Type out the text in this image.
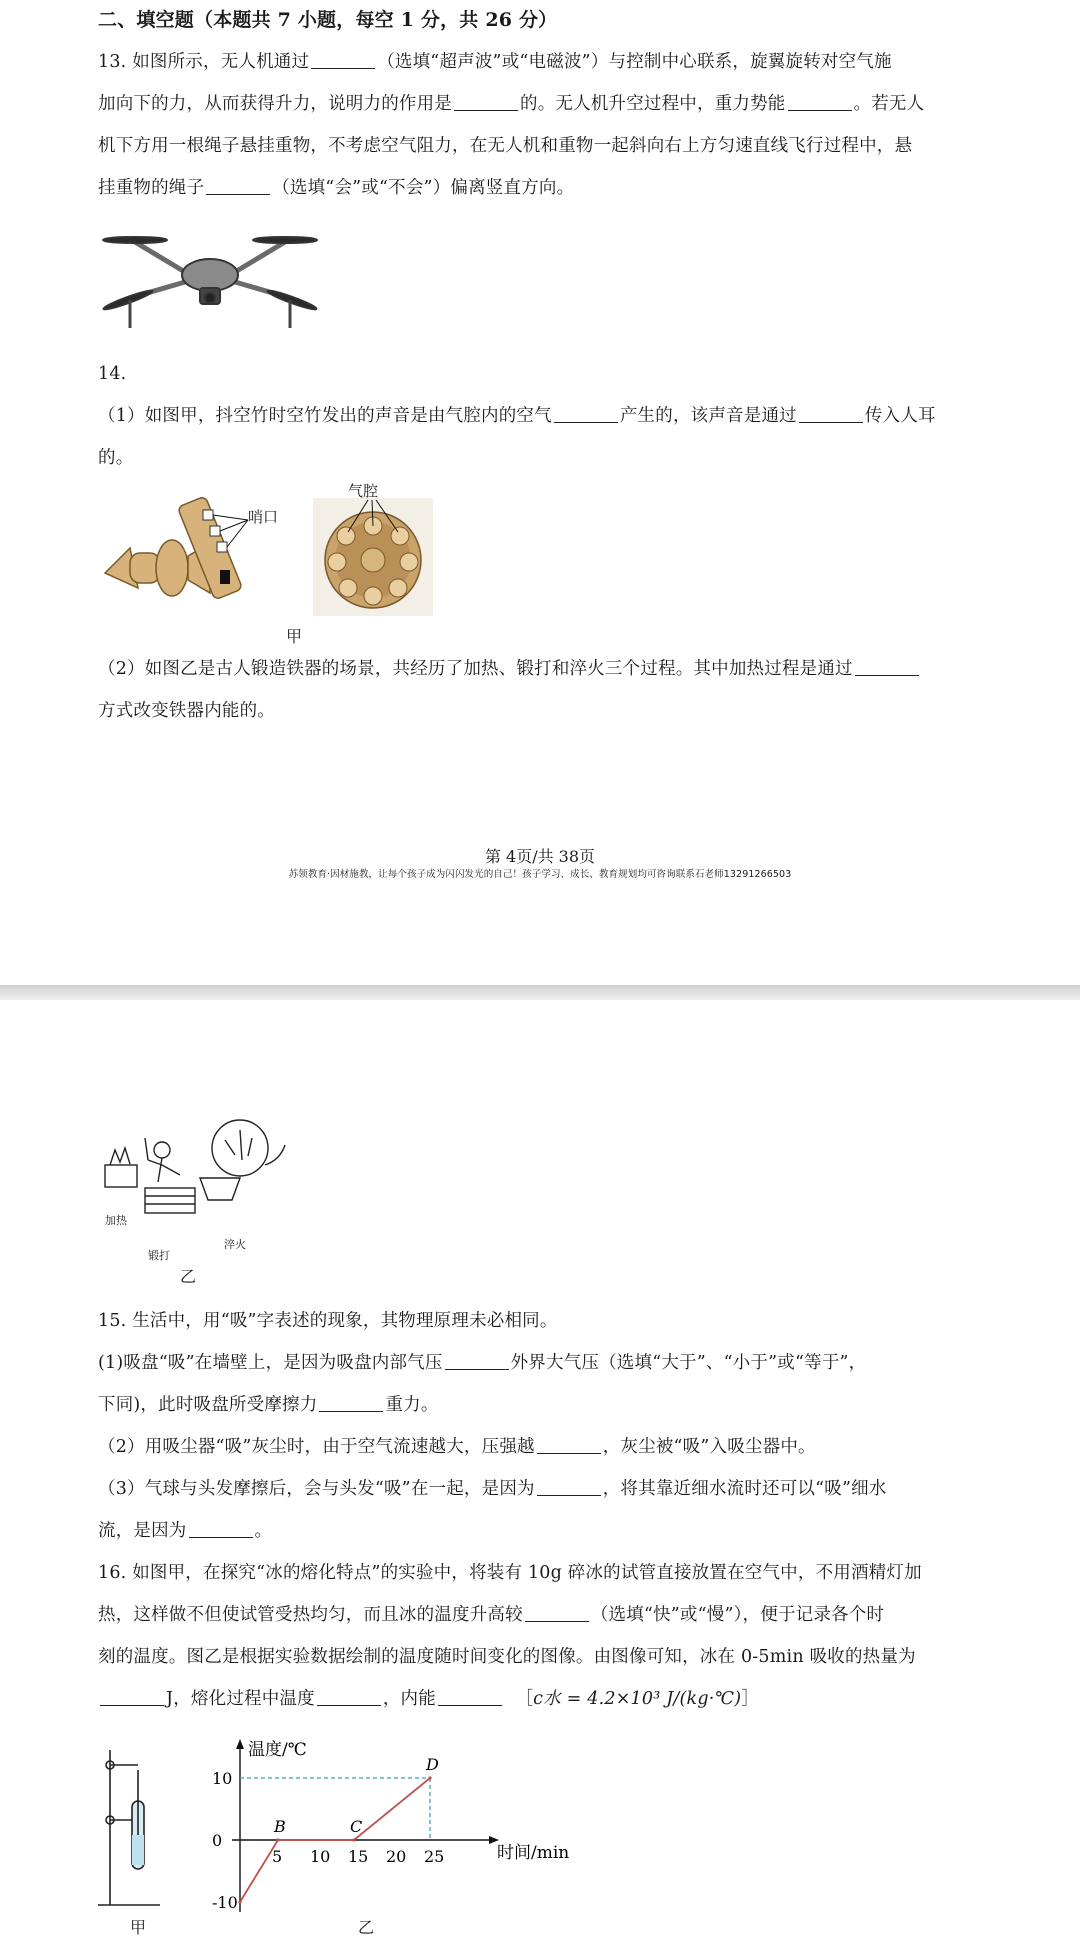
二、填空题（本题共 7 小题，每空 1 分，共 26 分）
13. 如图所示，无人机通过	（选填“超声波”或“电磁波”）与控制中心联系，旋翼旋转对空气施
加向下的力，从而获得升力，说明力的作用是	的。无人机升空过程中，重力势能	。若无人
机下方用一根绳子悬挂重物，不考虑空气阻力，在无人机和重物一起斜向右上方匀速直线飞行过程中，悬
挂重物的绳子	（选填“会”或“不会”）偏离竖直方向。
14.
（1）如图甲，抖空竹时空竹发出的声音是由气腔内的空气	产生的，该声音是通过	传入人耳
的。
哨口
气腔
甲
（2）如图乙是古人锻造铁器的场景，共经历了加热、锻打和淬火三个过程。其中加热过程是通过
方式改变铁器内能的。
第 4页/共 38页
苏领教育·因材施教，让每个孩子成为闪闪发光的自己！孩子学习、成长、教育规划均可咨询联系石老师13291266503
加热
锻打
淬火
乙
15. 生活中，用“吸”字表述的现象，其物理原理未必相同。
(1)吸盘“吸”在墙壁上，是因为吸盘内部气压	外界大气压（选填“大于”、“小于”或“等于”，
下同)，此时吸盘所受摩擦力	重力。
（2）用吸尘器“吸”灰尘时，由于空气流速越大，压强越	，灰尘被“吸”入吸尘器中。
（3）气球与头发摩擦后，会与头发“吸”在一起，是因为	，将其靠近细水流时还可以“吸”细水
流，是因为	。
16. 如图甲，在探究“冰的熔化特点”的实验中，将装有 10g 碎冰的试管直接放置在空气中，不用酒精灯加
热，这样做不但使试管受热均匀，而且冰的温度升高较	（选填“快”或“慢”），便于记录各个时
刻的温度。图乙是根据实验数据绘制的温度随时间变化的图像。由图像可知，冰在 0-5min 吸收的热量为
J，熔化过程中温度	，内能	［c水 = 4.2×10³ J/(kg·℃)］
甲
温度/℃
时间/min
5 10 15 20 25
10
0
-10
B	C
D
乙
